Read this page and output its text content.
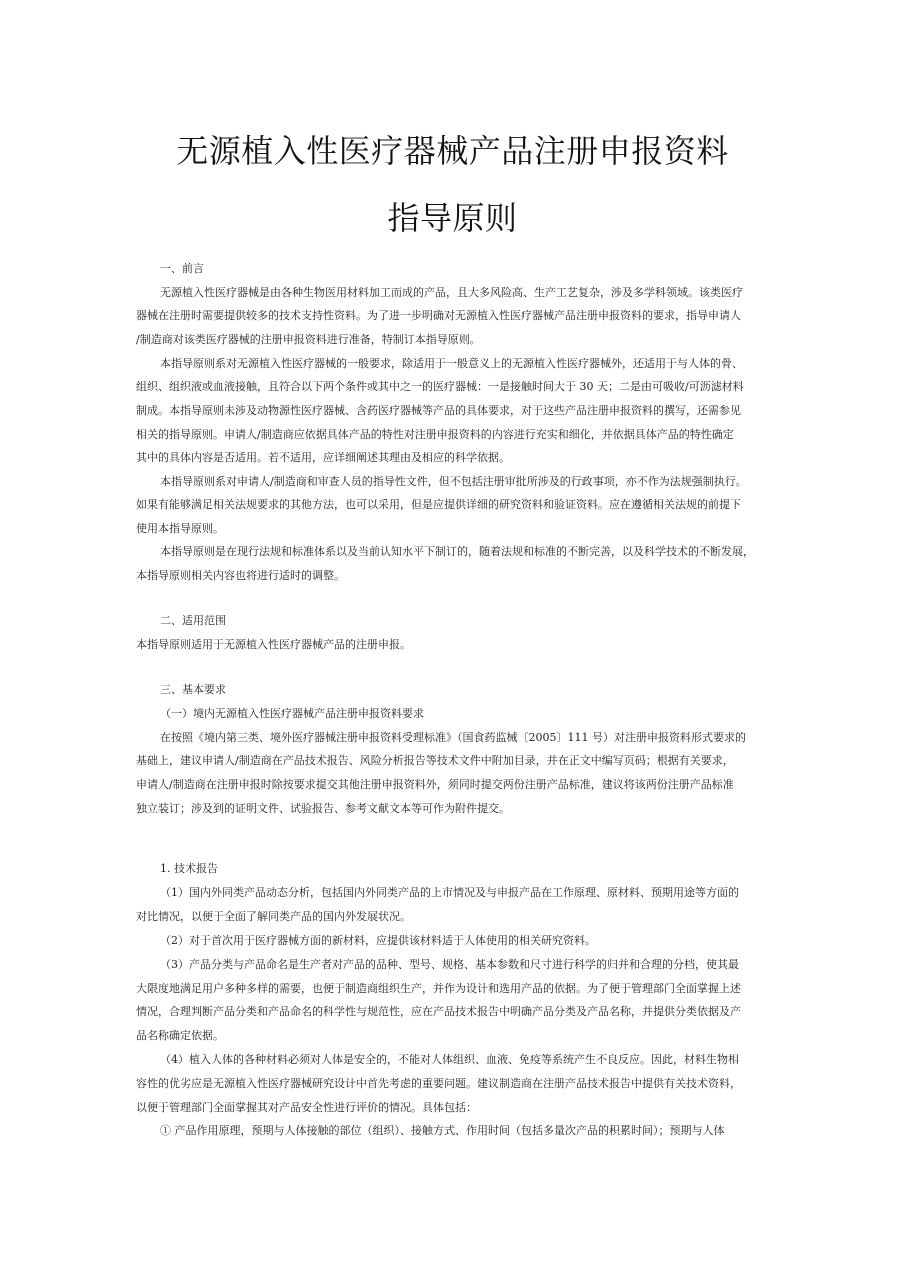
无源植入性医疗器械产品注册申报资料
指导原则
一、前言
无源植入性医疗器械是由各种生物医用材料加工而成的产品，且大多风险高、生产工艺复杂，涉及多学科领域。该类医疗
器械在注册时需要提供较多的技术支持性资料。为了进一步明确对无源植入性医疗器械产品注册申报资料的要求，指导申请人
/制造商对该类医疗器械的注册申报资料进行准备，特制订本指导原则。
本指导原则系对无源植入性医疗器械的一般要求，除适用于一般意义上的无源植入性医疗器械外，还适用于与人体的骨、
组织、组织液或血液接触，且符合以下两个条件或其中之一的医疗器械：一是接触时间大于 30 天；二是由可吸收/可沥滤材料
制成。本指导原则未涉及动物源性医疗器械、含药医疗器械等产品的具体要求，对于这些产品注册申报资料的撰写，还需参见
相关的指导原则。申请人/制造商应依据具体产品的特性对注册申报资料的内容进行充实和细化，并依据具体产品的特性确定
其中的具体内容是否适用。若不适用，应详细阐述其理由及相应的科学依据。
本指导原则系对申请人/制造商和审查人员的指导性文件，但不包括注册审批所涉及的行政事项，亦不作为法规强制执行。
如果有能够满足相关法规要求的其他方法，也可以采用，但是应提供详细的研究资料和验证资料。应在遵循相关法规的前提下
使用本指导原则。
本指导原则是在现行法规和标准体系以及当前认知水平下制订的，随着法规和标准的不断完善，以及科学技术的不断发展，
本指导原则相关内容也将进行适时的调整。
二、适用范围
本指导原则适用于无源植入性医疗器械产品的注册申报。
三、基本要求
（一）境内无源植入性医疗器械产品注册申报资料要求
在按照《境内第三类、境外医疗器械注册申报资料受理标准》（国食药监械〔2005〕111 号）对注册申报资料形式要求的
基础上，建议申请人/制造商在产品技术报告、风险分析报告等技术文件中附加目录，并在正文中编写页码；根据有关要求，
申请人/制造商在注册申报时除按要求提交其他注册申报资料外，须同时提交两份注册产品标准，建议将该两份注册产品标准
独立装订；涉及到的证明文件、试验报告、参考文献文本等可作为附件提交。
1. 技术报告
（1）国内外同类产品动态分析，包括国内外同类产品的上市情况及与申报产品在工作原理、原材料、预期用途等方面的
对比情况，以便于全面了解同类产品的国内外发展状况。
（2）对于首次用于医疗器械方面的新材料，应提供该材料适于人体使用的相关研究资料。
（3）产品分类与产品命名是生产者对产品的品种、型号、规格、基本参数和尺寸进行科学的归并和合理的分档，使其最
大限度地满足用户多种多样的需要，也便于制造商组织生产，并作为设计和选用产品的依据。为了便于管理部门全面掌握上述
情况，合理判断产品分类和产品命名的科学性与规范性，应在产品技术报告中明确产品分类及产品名称，并提供分类依据及产
品名称确定依据。
（4）植入人体的各种材料必须对人体是安全的，不能对人体组织、血液、免疫等系统产生不良反应。因此，材料生物相
容性的优劣应是无源植入性医疗器械研究设计中首先考虑的重要问题。建议制造商在注册产品技术报告中提供有关技术资料，
以便于管理部门全面掌握其对产品安全性进行评价的情况。具体包括：
① 产品作用原理，预期与人体接触的部位（组织）、接触方式、作用时间（包括多量次产品的积累时间）；预期与人体
